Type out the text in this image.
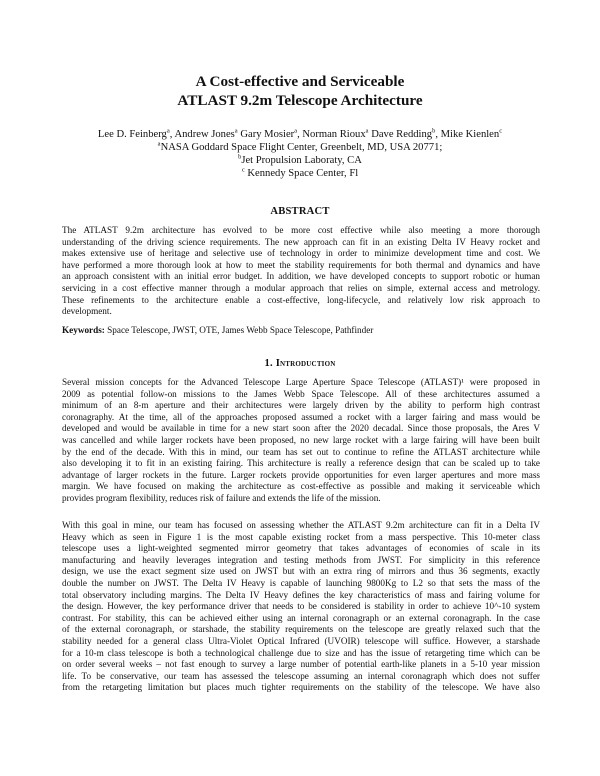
A Cost-effective and Serviceable
ATLAST 9.2m Telescope Architecture
Lee D. Feinberg$^a$, Andrew Jones$^a$ Gary Mosier$^a$, Norman Rioux$^a$ Dave Redding$^b$, Mike Kienlen$^c$
$^a$NASA Goddard Space Flight Center, Greenbelt, MD, USA 20771;
$^b$Jet Propulsion Laboraty, CA
$^c$ Kennedy Space Center, Fl
ABSTRACT
The ATLAST 9.2m architecture has evolved to be more cost effective while also meeting a more thorough
understanding of the driving science requirements. The new approach can fit in an existing Delta IV Heavy rocket and
makes extensive use of heritage and selective use of technology in order to minimize development time and cost. We
have performed a more thorough look at how to meet the stability requirements for both thermal and dynamics and have
an approach consistent with an initial error budget. In addition, we have developed concepts to support robotic or human
servicing in a cost effective manner through a modular approach that relies on simple, external access and metrology.
These refinements to the architecture enable a cost-effective, long-lifecycle, and relatively low risk approach to
development.
Keywords: Space Telescope, JWST, OTE, James Webb Space Telescope, Pathfinder
1. Introduction
Several mission concepts for the Advanced Telescope Large Aperture Space Telescope (ATLAST)¹ were proposed in
2009 as potential follow-on missions to the James Webb Space Telescope. All of these architectures assumed a
minimum of an 8-m aperture and their architectures were largely driven by the ability to perform high contrast
coronagraphy. At the time, all of the approaches proposed assumed a rocket with a larger fairing and mass would be
developed and would be available in time for a new start soon after the 2020 decadal. Since those proposals, the Ares V
was cancelled and while larger rockets have been proposed, no new large rocket with a large fairing will have been built
by the end of the decade. With this in mind, our team has set out to continue to refine the ATLAST architecture while
also developing it to fit in an existing fairing. This architecture is really a reference design that can be scaled up to take
advantage of larger rockets in the future. Larger rockets provide opportunities for even larger apertures and more mass
margin. We have focused on making the architecture as cost-effective as possible and making it serviceable which
provides program flexibility, reduces risk of failure and extends the life of the mission.
With this goal in mine, our team has focused on assessing whether the ATLAST 9.2m architecture can fit in a Delta IV
Heavy which as seen in Figure 1 is the most capable existing rocket from a mass perspective. This 10-meter class
telescope uses a light-weighted segmented mirror geometry that takes advantages of economies of scale in its
manufacturing and heavily leverages integration and testing methods from JWST. For simplicity in this reference
design, we use the exact segment size used on JWST but with an extra ring of mirrors and thus 36 segments, exactly
double the number on JWST. The Delta IV Heavy is capable of launching 9800Kg to L2 so that sets the mass of the
total observatory including margins. The Delta IV Heavy defines the key characteristics of mass and fairing volume for
the design. However, the key performance driver that needs to be considered is stability in order to achieve 10^-10 system
contrast. For stability, this can be achieved either using an internal coronagraph or an external coronagraph. In the case
of the external coronagraph, or starshade, the stability requirements on the telescope are greatly relaxed such that the
stability needed for a general class Ultra-Violet Optical Infrared (UVOIR) telescope will suffice. However, a starshade
for a 10-m class telescope is both a technological challenge due to size and has the issue of retargeting time which can be
on order several weeks – not fast enough to survey a large number of potential earth-like planets in a 5-10 year mission
life. To be conservative, our team has assessed the telescope assuming an internal coronagraph which does not suffer
from the retargeting limitation but places much tighter requirements on the stability of the telescope. We have also
